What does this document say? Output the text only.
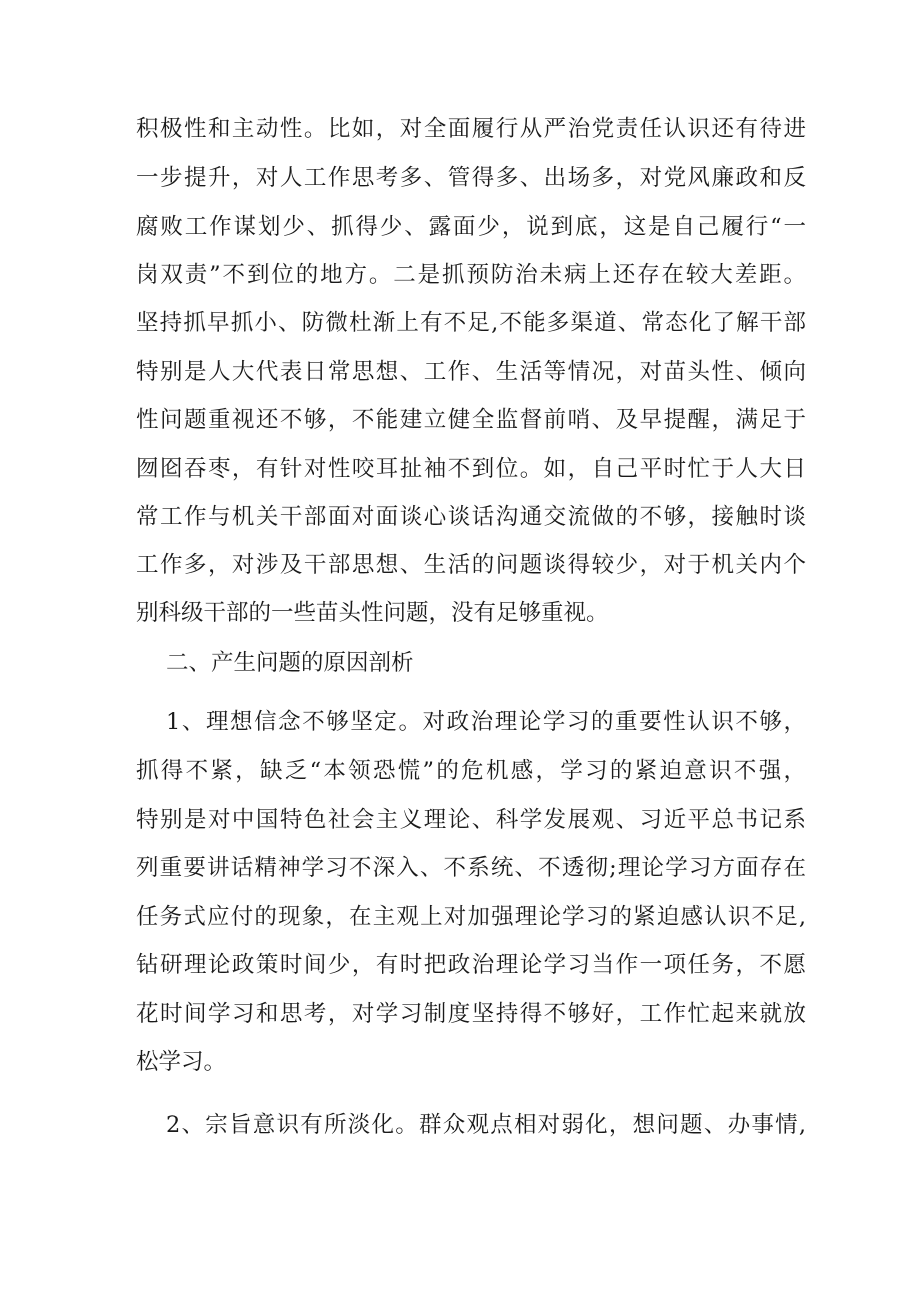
积极性和主动性。比如，对全面履行从严治党责任认识还有待进
一步提升，对人工作思考多、管得多、出场多，对党风廉政和反
腐败工作谋划少、抓得少、露面少，说到底，这是自己履行“一
岗双责”不到位的地方。二是抓预防治未病上还存在较大差距。
坚持抓早抓小、防微杜渐上有不足,不能多渠道、常态化了解干部
特别是人大代表日常思想、工作、生活等情况，对苗头性、倾向
性问题重视还不够，不能建立健全监督前哨、及早提醒，满足于
囫囵吞枣，有针对性咬耳扯袖不到位。如，自己平时忙于人大日
常工作与机关干部面对面谈心谈话沟通交流做的不够，接触时谈
工作多，对涉及干部思想、生活的问题谈得较少，对于机关内个
别科级干部的一些苗头性问题，没有足够重视。
二、产生问题的原因剖析
1、理想信念不够坚定。对政治理论学习的重要性认识不够，
抓得不紧，缺乏“本领恐慌”的危机感，学习的紧迫意识不强，
特别是对中国特色社会主义理论、科学发展观、习近平总书记系
列重要讲话精神学习不深入、不系统、不透彻;理论学习方面存在
任务式应付的现象，在主观上对加强理论学习的紧迫感认识不足,
钻研理论政策时间少，有时把政治理论学习当作一项任务，不愿
花时间学习和思考，对学习制度坚持得不够好，工作忙起来就放
松学习。
2、宗旨意识有所淡化。群众观点相对弱化，想问题、办事情,
